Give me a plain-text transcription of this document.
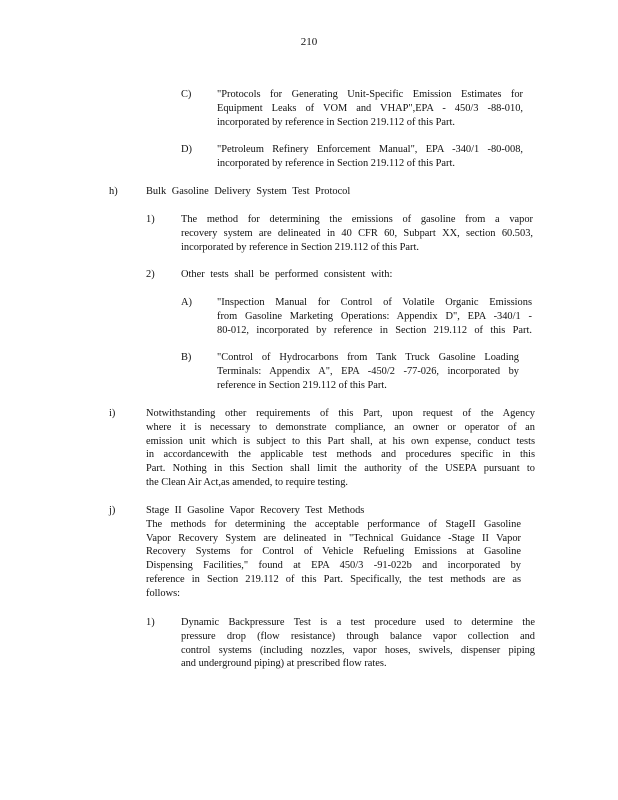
210
C) "Protocols for Generating Unit-Specific Emission Estimates for
Equipment Leaks of VOM and VHAP",EPA - 450/3 -88-010,
incorporated by reference in Section 219.112 of this Part.
D) "Petroleum Refinery Enforcement Manual", EPA -340/1 -80-008,
incorporated by reference in Section 219.112 of this Part.
h)	Bulk Gasoline Delivery System Test Protocol
1)	The method for determining the emissions of gasoline from a vapor
recovery system are delineated in 40 CFR 60, Subpart XX, section 60.503,
incorporated by reference in Section 219.112 of this Part.
2)	Other tests shall be performed consistent with:
A) "Inspection Manual for Control of Volatile Organic Emissions
from Gasoline Marketing Operations: Appendix D", EPA -340/1 -
80-012, incorporated by reference in Section 219.112 of this Part.
B) "Control of Hydrocarbons from Tank Truck Gasoline Loading
Terminals: Appendix A", EPA -450/2 -77-026, incorporated by
reference in Section 219.112 of this Part.
i)	Notwithstanding other requirements of this Part, upon request of the Agency
where it is necessary to demonstrate compliance, an owner or operator of an
emission unit which is subject to this Part shall, at his own expense, conduct tests
in accordancewith the applicable test methods and procedures specific in this
Part. Nothing in this Section shall limit the authority of the USEPA pursuant to
the Clean Air Act,as amended, to require testing.
j)	Stage II Gasoline Vapor Recovery Test Methods
The methods for determining the acceptable performance of StageII Gasoline
Vapor Recovery System are delineated in "Technical Guidance -Stage II Vapor
Recovery Systems for Control of Vehicle Refueling Emissions at Gasoline
Dispensing Facilities," found at EPA 450/3 -91-022b and incorporated by
reference in Section 219.112 of this Part. Specifically, the test methods are as
follows:
1)	Dynamic Backpressure Test is a test procedure used to determine the
pressure drop (flow resistance) through balance vapor collection and
control systems (including nozzles, vapor hoses, swivels, dispenser piping
and underground piping) at prescribed flow rates.
